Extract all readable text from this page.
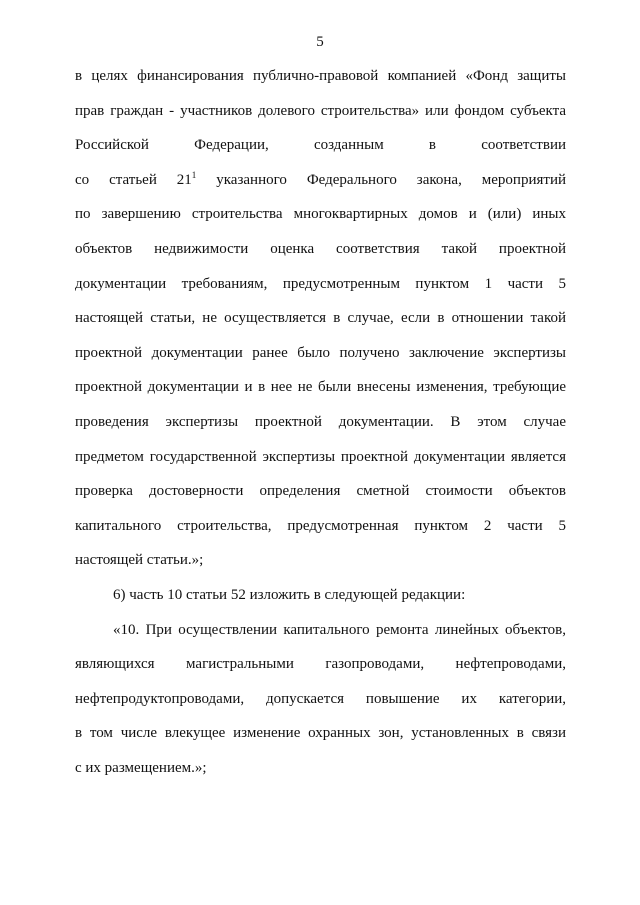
5
в целях финансирования публично-правовой компанией «Фонд защиты
прав граждан - участников долевого строительства» или фондом субъекта
Российской Федерации, созданным в соответствии
со статьей $21^1$ указанного Федерального закона, мероприятий
по завершению строительства многоквартирных домов и (или) иных
объектов недвижимости оценка соответствия такой проектной
документации требованиям, предусмотренным пунктом 1 части 5
настоящей статьи, не осуществляется в случае, если в отношении такой
проектной документации ранее было получено заключение экспертизы
проектной документации и в нее не были внесены изменения, требующие
проведения экспертизы проектной документации. В этом случае
предметом государственной экспертизы проектной документации является
проверка достоверности определения сметной стоимости объектов
капитального строительства, предусмотренная пунктом 2 части 5
настоящей статьи.»;
6) часть 10 статьи 52 изложить в следующей редакции:
«10. При осуществлении капитального ремонта линейных объектов,
являющихся магистральными газопроводами, нефтепроводами,
нефтепродуктопроводами, допускается повышение их категории,
в том числе влекущее изменение охранных зон, установленных в связи
с их размещением.»;
